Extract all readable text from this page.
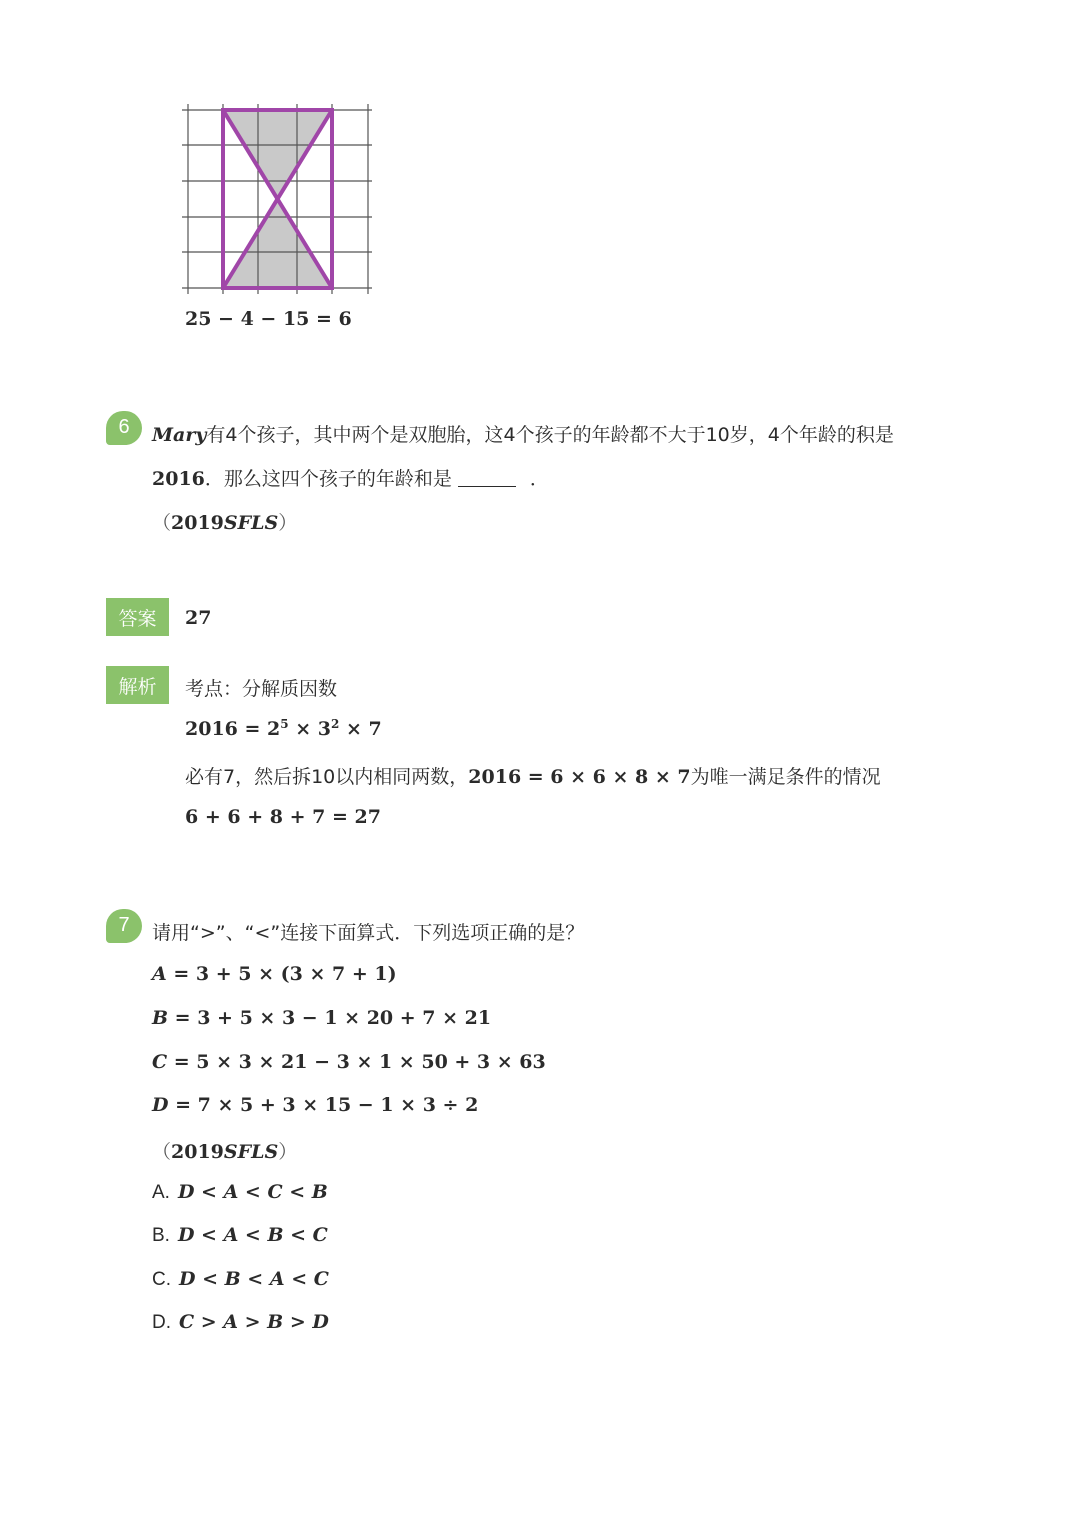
25 − 4 − 15 = 6
6	Mary有4个孩子，其中两个是双胞胎，这4个孩子的年龄都不大于10岁，4个年龄的积是
2016．那么这四个孩子的年龄和是	．
（2019SFLS）
答案	27
解析	考点：分解质因数
$2016 = 2^5 \times 3^2 \times 7$
必有7，然后拆10以内相同两数，2016 = 6 × 6 × 8 × 7为唯一满足条件的情况
6 + 6 + 8 + 7 = 27
7	请用“>”、“<”连接下面算式．下列选项正确的是？
A = 3 + 5 × (3 × 7 + 1)
B = 3 + 5 × 3 − 1 × 20 + 7 × 21
C = 5 × 3 × 21 − 3 × 1 × 50 + 3 × 63
D = 7 × 5 + 3 × 15 − 1 × 3 ÷ 2
（2019SFLS）
A. D < A < C < B
B. D < A < B < C
C. D < B < A < C
D. C > A > B > D
